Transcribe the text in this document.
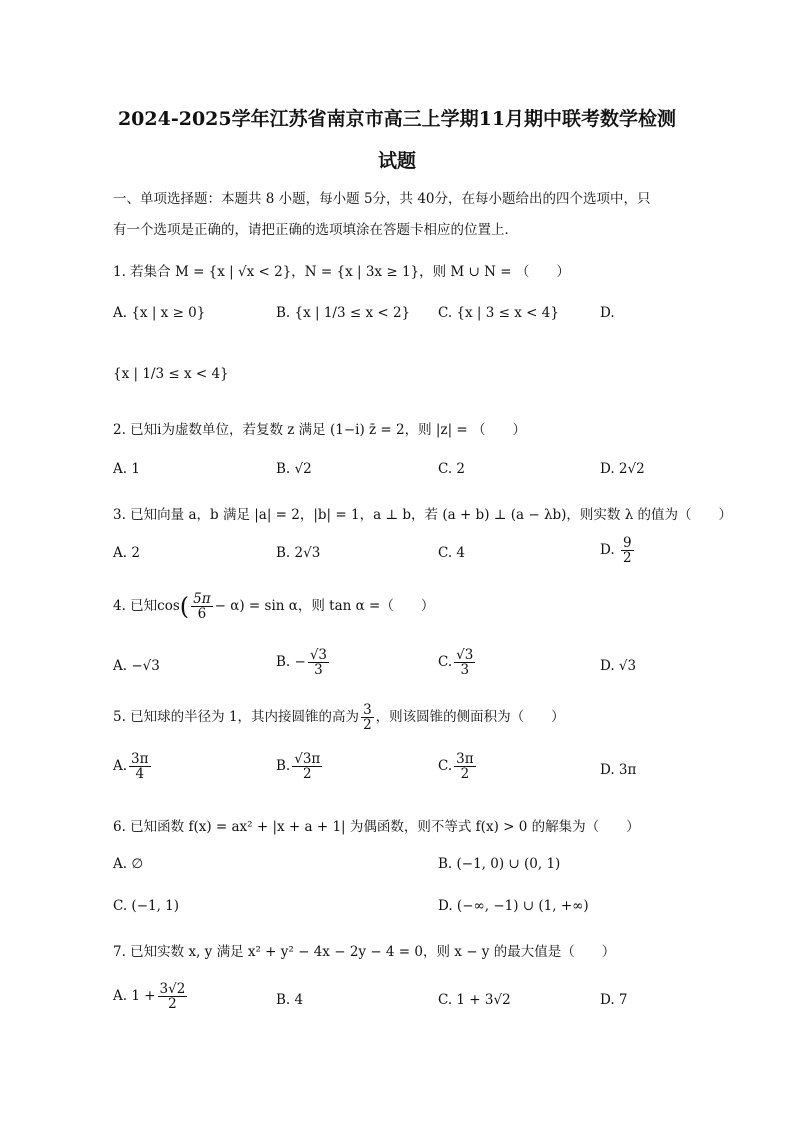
2024-2025学年江苏省南京市高三上学期11月期中联考数学检测
试题
一、单项选择题：本题共 8 小题，每小题 5分，共 40分，在每小题给出的四个选项中，只
有一个选项是正确的，请把正确的选项填涂在答题卡相应的位置上．
1. 若集合 M = {x | √x < 2}，N = {x | 3x ≥ 1}，则 M ∪ N = （　　）
A. {x | x ≥ 0}	B. {x | 1/3 ≤ x < 2} C. {x | 3 ≤ x < 4}	D.
{x | 1/3 ≤ x < 4}
2. 已知i为虚数单位，若复数 z 满足 (1−i) z̄ = 2，则 |z| = （　　）
A. 1	B. √2	C. 2	D. 2√2
3. 已知向量 a，b 满足 |a| = 2，|b| = 1，a ⊥ b，若 (a + b) ⊥ (a − λb)，则实数 λ 的值为（　　）
A. 2	B. 2√3	C. 4	D. $\frac{9}{2}$
4. 已知$\cos( \frac{5\pi}{6} - \alpha) = \sin \alpha$，则 tan α =（　　）
A. −√3	B. − $\frac{√3}{3}$	C. $\frac{√3}{3}$	D. √3
5. 已知球的半径为 1，其内接圆锥的高为 $\frac{3}{2}$ ，则该圆锥的侧面积为（　　）
A. $\frac{3\pi}{4}$	B. $\frac{√3\pi}{2}$	C. $\frac{3\pi}{2}$	D. 3π
6. 已知函数 f(x) = ax² + |x + a + 1| 为偶函数，则不等式 f(x) > 0 的解集为（　　）
A. ∅	B. (−1, 0) ∪ (0, 1)
C. (−1, 1)	D. (−∞, −1) ∪ (1, +∞)
7. 已知实数 x, y 满足 x² + y² − 4x − 2y − 4 = 0，则 x − y 的最大值是（　　）
A. $1 + \frac{3√2}{2}$	B. 4	C. 1 + 3√2	D. 7
